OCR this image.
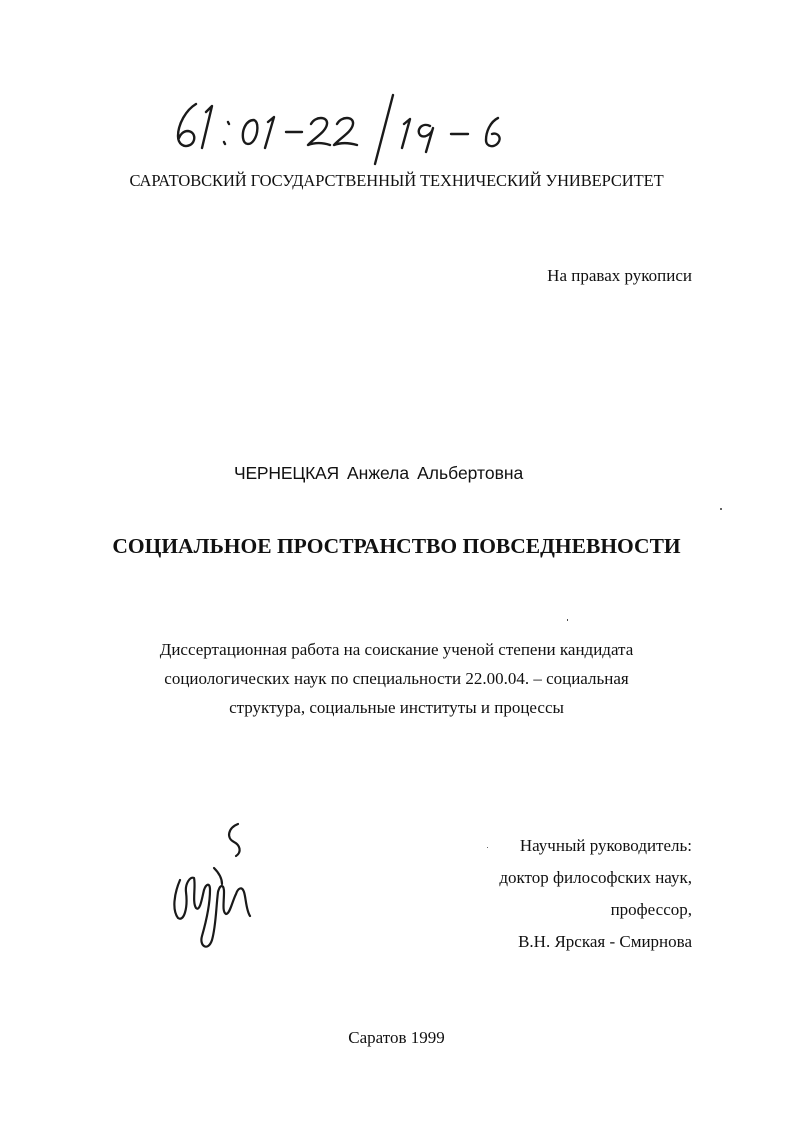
САРАТОВСКИЙ ГОСУДАРСТВЕННЫЙ ТЕХНИЧЕСКИЙ УНИВЕРСИТЕТ
На правах рукописи
ЧЕРНЕЦКАЯ Анжела Альбертовна
СОЦИАЛЬНОЕ ПРОСТРАНСТВО ПОВСЕДНЕВНОСТИ
Диссертационная работа на соискание ученой степени кандидата
социологических наук по специальности 22.00.04. – социальная
структура, социальные институты и процессы
Научный руководитель:
доктор философских наук,
профессор,
В.Н. Ярская - Смирнова
Саратов 1999
